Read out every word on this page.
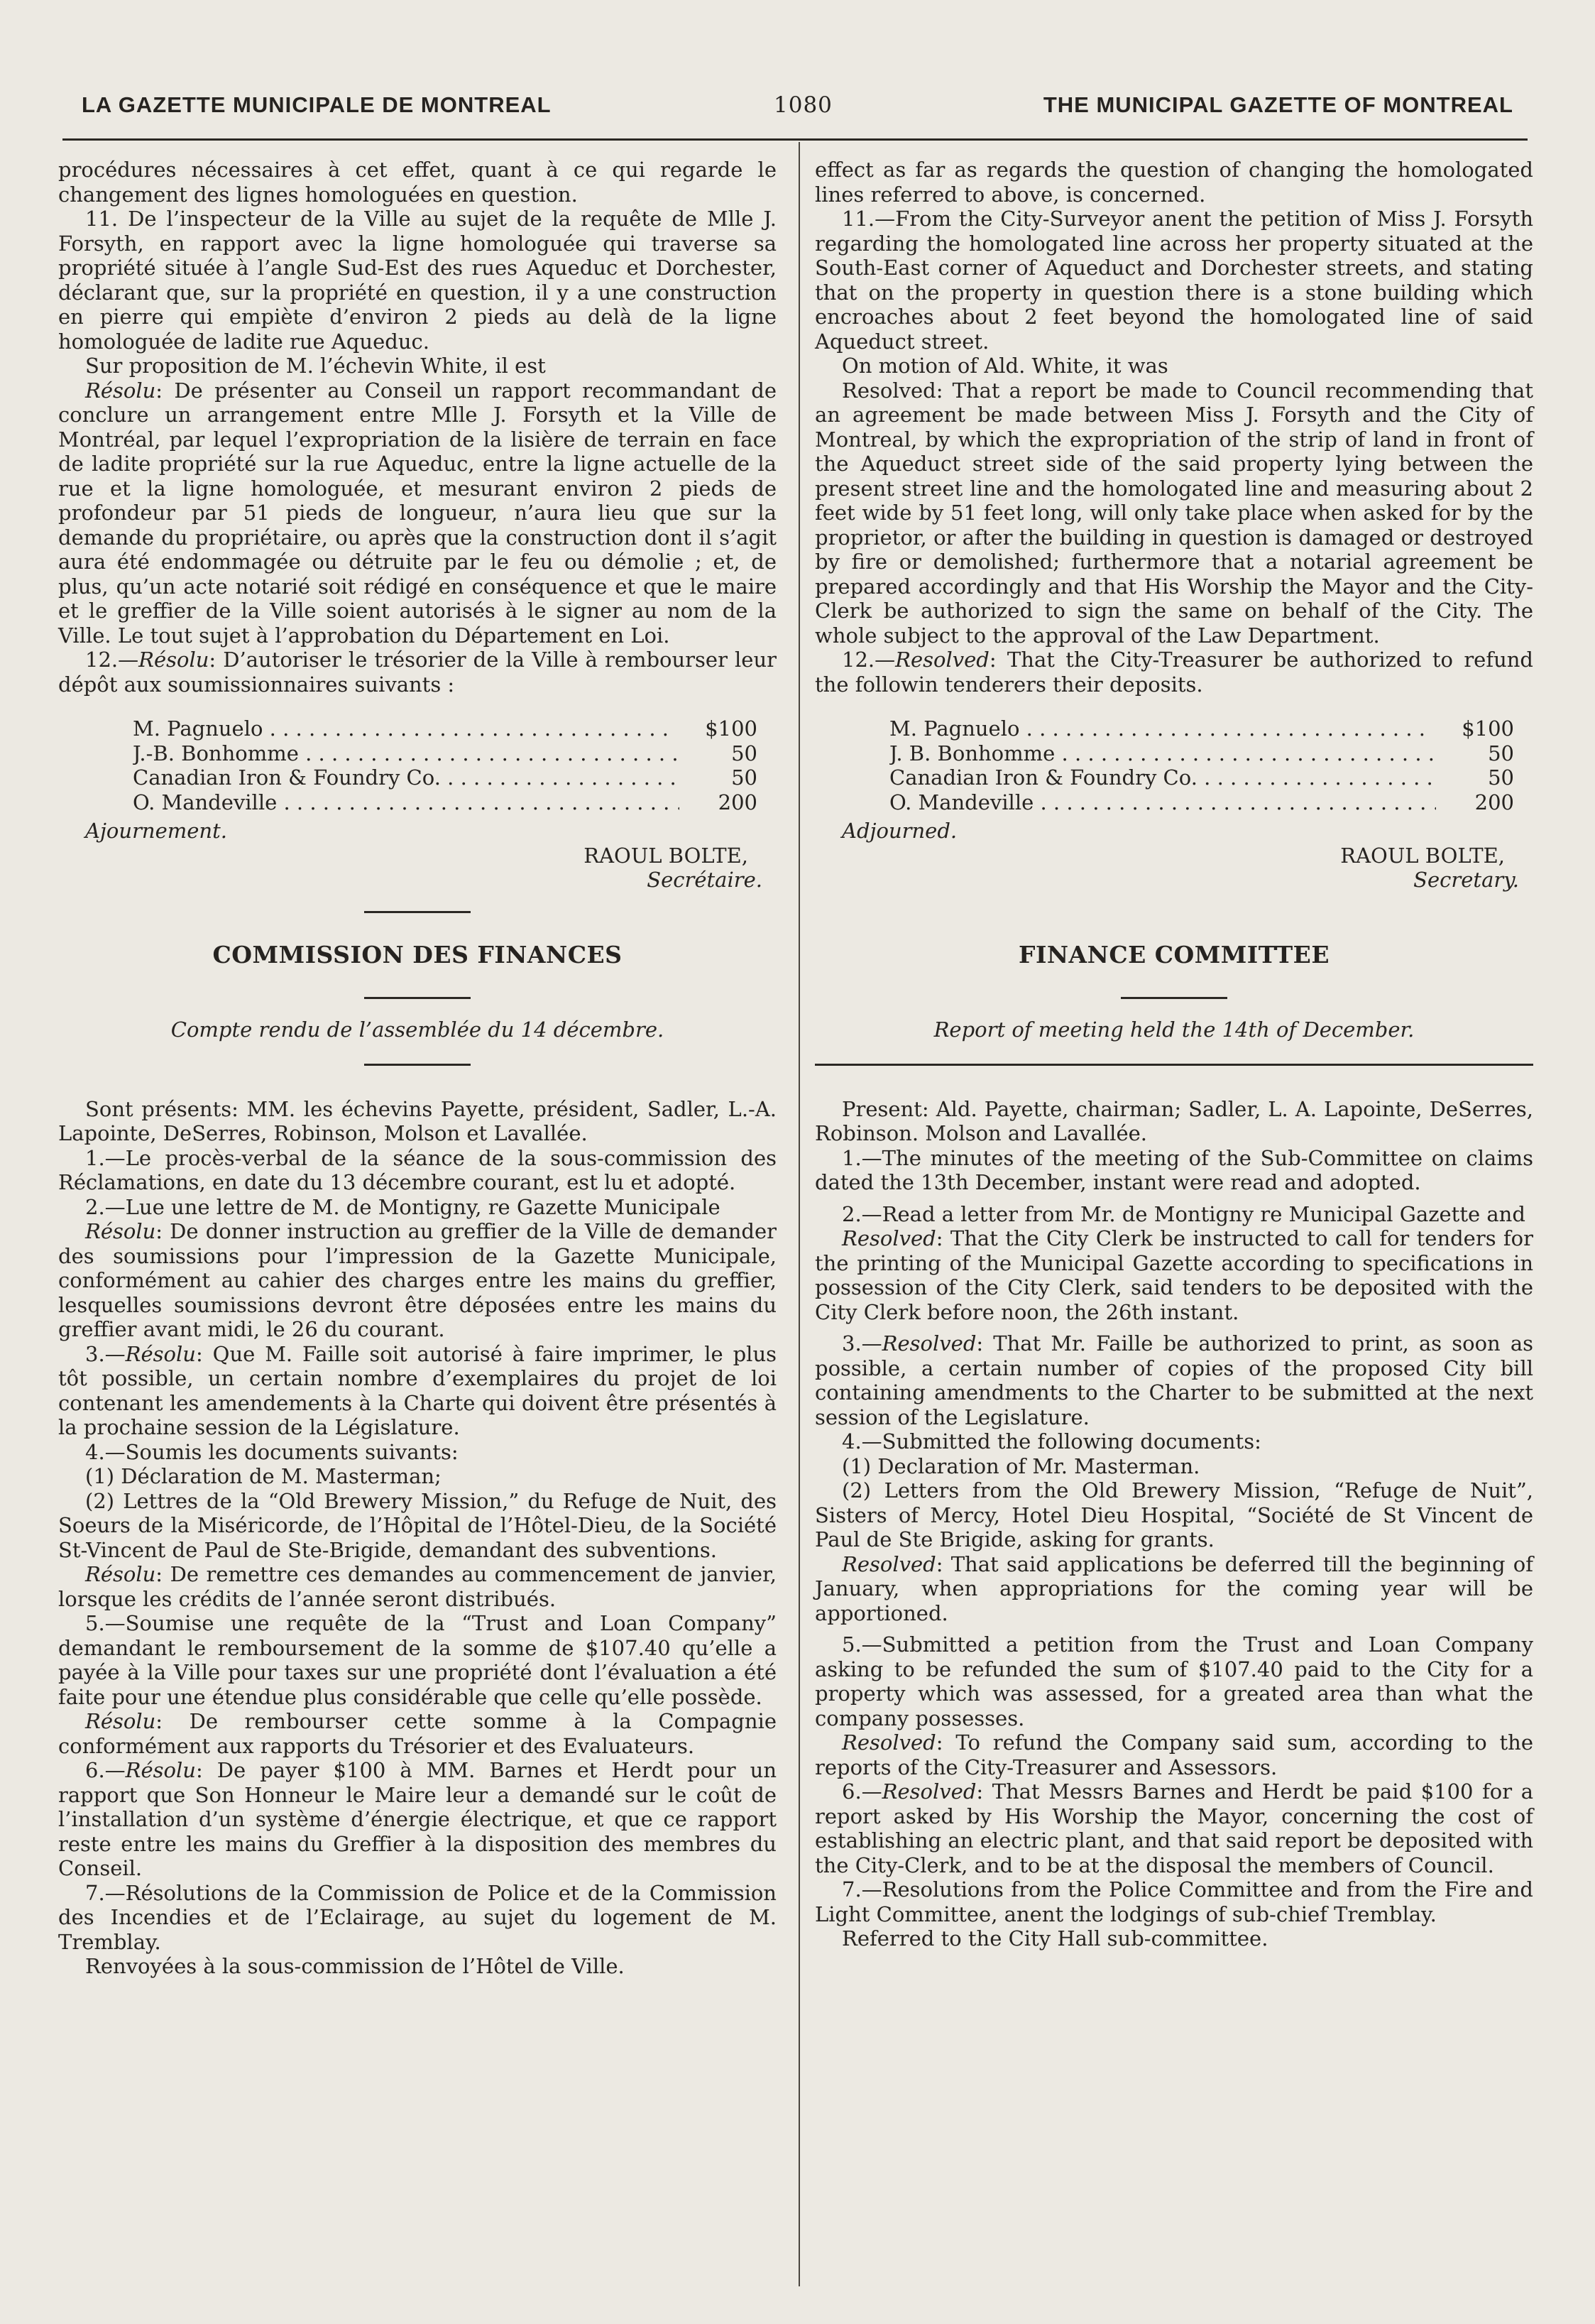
LA GAZETTE MUNICIPALE DE MONTREAL	1080	THE MUNICIPAL GAZETTE OF MONTREAL

procédures nécessaires à cet effet, quant à ce qui regarde le changement des lignes homologuées en question.

11. De l’inspecteur de la Ville au sujet de la requête de Mlle J. Forsyth, en rapport avec la ligne homologuée qui traverse sa propriété située à l’angle Sud-Est des rues Aqueduc et Dorchester, déclarant que, sur la propriété en question, il y a une construction en pierre qui empiète d’environ 2 pieds au delà de la ligne homologuée de ladite rue Aqueduc.

Sur proposition de M. l’échevin White, il est

Résolu: De présenter au Conseil un rapport recommandant de conclure un arrangement entre Mlle J. Forsyth et la Ville de Montréal, par lequel l’expropriation de la lisière de terrain en face de ladite propriété sur la rue Aqueduc, entre la ligne actuelle de la rue et la ligne homologuée, et mesurant environ 2 pieds de profondeur par 51 pieds de longueur, n’aura lieu que sur la demande du propriétaire, ou après que la construction dont il s’agit aura été endommagée ou détruite par le feu ou démolie ; et, de plus, qu’un acte notarié soit rédigé en conséquence et que le maire et le greffier de la Ville soient autorisés à le signer au nom de la Ville. Le tout sujet à l’approbation du Département en Loi.

12.—Résolu: D’autoriser le trésorier de la Ville à rembourser leur dépôt aux soumissionnaires suivants :

M. Pagnuelo . . .	$100
J.-B. Bonhomme . . .	50
Canadian Iron & Foundry Co. . . .	50
O. Mandeville . . .	200

Ajournement.

RAOUL BOLTE,

Secrétaire.

COMMISSION DES FINANCES

Compte rendu de l’assemblée du 14 décembre.

Sont présents: MM. les échevins Payette, président, Sadler, L.-A. Lapointe, DeSerres, Robinson, Molson et Lavallée.

1.—Le procès-verbal de la séance de la sous-commission des Réclamations, en date du 13 décembre courant, est lu et adopté.

2.—Lue une lettre de M. de Montigny, re Gazette Municipale

Résolu: De donner instruction au greffier de la Ville de demander des soumissions pour l’impression de la Gazette Municipale, conformément au cahier des charges entre les mains du greffier, lesquelles soumissions devront être déposées entre les mains du greffier avant midi, le 26 du courant.

3.—Résolu: Que M. Faille soit autorisé à faire imprimer, le plus tôt possible, un certain nombre d’exemplaires du projet de loi contenant les amendements à la Charte qui doivent être présentés à la prochaine session de la Législature.

4.—Soumis les documents suivants:

(1) Déclaration de M. Masterman;

(2) Lettres de la “Old Brewery Mission,” du Refuge de Nuit, des Soeurs de la Miséricorde, de l’Hôpital de l’Hôtel-Dieu, de la Société St-Vincent de Paul de Ste-Brigide, demandant des subventions.

Résolu: De remettre ces demandes au commencement de janvier, lorsque les crédits de l’année seront distribués.

5.—Soumise une requête de la “Trust and Loan Company” demandant le remboursement de la somme de $107.40 qu’elle a payée à la Ville pour taxes sur une propriété dont l’évaluation a été faite pour une étendue plus considérable que celle qu’elle possède.

Résolu: De rembourser cette somme à la Compagnie conformément aux rapports du Trésorier et des Evaluateurs.

6.—Résolu: De payer $100 à MM. Barnes et Herdt pour un rapport que Son Honneur le Maire leur a demandé sur le coût de l’installation d’un système d’énergie électrique, et que ce rapport reste entre les mains du Greffier à la disposition des membres du Conseil.

7.—Résolutions de la Commission de Police et de la Commission des Incendies et de l’Eclairage, au sujet du logement de M. Tremblay.

Renvoyées à la sous-commission de l’Hôtel de Ville.

effect as far as regards the question of changing the homologated lines referred to above, is concerned.

11.—From the City-Surveyor anent the petition of Miss J. Forsyth regarding the homologated line across her property situated at the South-East corner of Aqueduct and Dorchester streets, and stating that on the property in question there is a stone building which encroaches about 2 feet beyond the homologated line of said Aqueduct street.

On motion of Ald. White, it was

Resolved: That a report be made to Council recommending that an agreement be made between Miss J. Forsyth and the City of Montreal, by which the expropriation of the strip of land in front of the Aqueduct street side of the said property lying between the present street line and the homologated line and measuring about 2 feet wide by 51 feet long, will only take place when asked for by the proprietor, or after the building in question is damaged or destroyed by fire or demolished; furthermore that a notarial agreement be prepared accordingly and that His Worship the Mayor and the City-Clerk be authorized to sign the same on behalf of the City. The whole subject to the approval of the Law Department.

12.—Resolved: That the City-Treasurer be authorized to refund the followin tenderers their deposits.

M. Pagnuelo . . .	$100
J. B. Bonhomme . . .	50
Canadian Iron & Foundry Co. . . .	50
O. Mandeville . . .	200

Adjourned.

RAOUL BOLTE,

Secretary.

FINANCE COMMITTEE

Report of meeting held the 14th of December.

Present: Ald. Payette, chairman; Sadler, L. A. Lapointe, DeSerres, Robinson. Molson and Lavallée.

1.—The minutes of the meeting of the Sub-Committee on claims dated the 13th December, instant were read and adopted.

2.—Read a letter from Mr. de Montigny re Municipal Gazette and

Resolved: That the City Clerk be instructed to call for tenders for the printing of the Municipal Gazette according to specifications in possession of the City Clerk, said tenders to be deposited with the City Clerk before noon, the 26th instant.

3.—Resolved: That Mr. Faille be authorized to print, as soon as possible, a certain number of copies of the proposed City bill containing amendments to the Charter to be submitted at the next session of the Legislature.

4.—Submitted the following documents:

(1) Declaration of Mr. Masterman.

(2) Letters from the Old Brewery Mission, “Refuge de Nuit”, Sisters of Mercy, Hotel Dieu Hospital, “Société de St Vincent de Paul de Ste Brigide, asking for grants.

Resolved: That said applications be deferred till the beginning of January, when appropriations for the coming year will be apportioned.

5.—Submitted a petition from the Trust and Loan Company asking to be refunded the sum of $107.40 paid to the City for a property which was assessed, for a greated area than what the company possesses.

Resolved: To refund the Company said sum, according to the reports of the City-Treasurer and Assessors.

6.—Resolved: That Messrs Barnes and Herdt be paid $100 for a report asked by His Worship the Mayor, concerning the cost of establishing an electric plant, and that said report be deposited with the City-Clerk, and to be at the disposal the members of Council.

7.—Resolutions from the Police Committee and from the Fire and Light Committee, anent the lodgings of sub-chief Tremblay.

Referred to the City Hall sub-committee.
